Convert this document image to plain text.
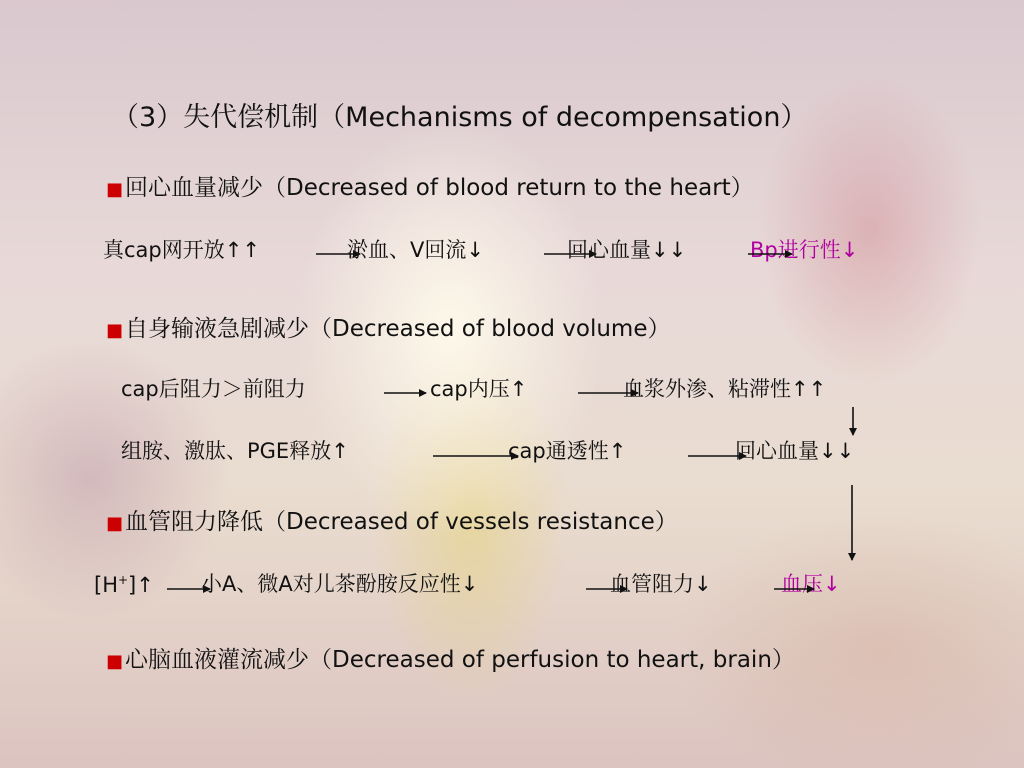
（3）失代偿机制（Mechanisms of decompensation）
■回心血量减少（Decreased of blood return to the heart）
真cap网开放↑↑	淤血、V回流↓	回心血量↓↓	Bp进行性↓
■自身输液急剧减少（Decreased of blood volume）
cap后阻力＞前阻力	cap内压↑	血浆外渗、粘滞性↑↑
组胺、激肽、PGE释放↑	cap通透性↑	回心血量↓↓
■血管阻力降低（Decreased of vessels resistance）
[H+]↑ 小A、微A对儿茶酚胺反应性↓	血管阻力↓	血压↓
■心脑血液灌流减少（Decreased of perfusion to heart, brain）
